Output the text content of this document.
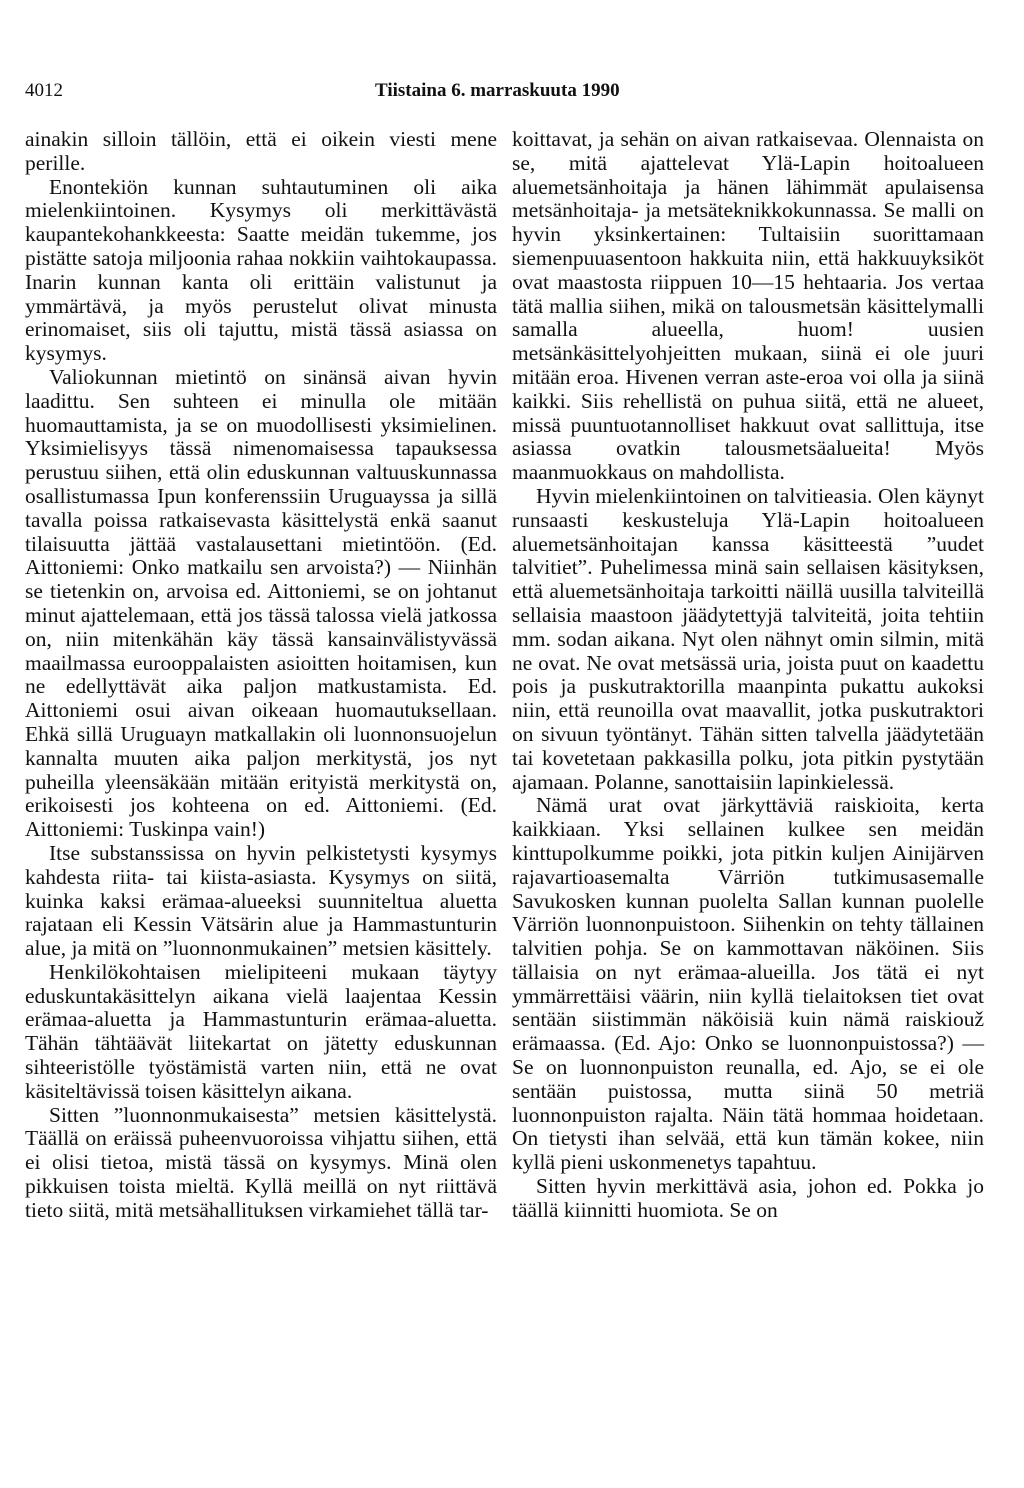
4012	Tiistaina 6. marraskuuta 1990

ainakin silloin tällöin, että ei oikein viesti mene perille.

Enontekiön kunnan suhtautuminen oli aika mielenkiintoinen. Kysymys oli merkittävästä kaupantekohankkeesta: Saatte meidän tukemme, jos pistätte satoja miljoonia rahaa nokkiin vaihtokaupassa. Inarin kunnan kanta oli erittäin valistunut ja ymmärtävä, ja myös perustelut olivat minusta erinomaiset, siis oli tajuttu, mistä tässä asiassa on kysymys.

Valiokunnan mietintö on sinänsä aivan hyvin laadittu. Sen suhteen ei minulla ole mitään huomauttamista, ja se on muodollisesti yksimielinen. Yksimielisyys tässä nimenomaisessa tapauksessa perustuu siihen, että olin eduskunnan valtuuskunnassa osallistumassa Ipun konferenssiin Uruguayssa ja sillä tavalla poissa ratkaisevasta käsittelystä enkä saanut tilaisuutta jättää vastalausettani mietintöön. (Ed. Aittoniemi: Onko matkailu sen arvoista?) — Niinhän se tietenkin on, arvoisa ed. Aittoniemi, se on johtanut minut ajattelemaan, että jos tässä talossa vielä jatkossa on, niin mitenkähän käy tässä kansainvälistyvässä maailmassa eurooppalaisten asioitten hoitamisen, kun ne edellyttävät aika paljon matkustamista. Ed. Aittoniemi osui aivan oikeaan huomautuksellaan. Ehkä sillä Uruguayn matkallakin oli luonnonsuojelun kannalta muuten aika paljon merkitystä, jos nyt puheilla yleensäkään mitään erityistä merkitystä on, erikoisesti jos kohteena on ed. Aittoniemi. (Ed. Aittoniemi: Tuskinpa vain!)

Itse substanssissa on hyvin pelkistetysti kysymys kahdesta riita- tai kiista-asiasta. Kysymys on siitä, kuinka kaksi erämaa-alueeksi suunniteltua aluetta rajataan eli Kessin Vätsärin alue ja Hammastunturin alue, ja mitä on ”luonnonmukainen” metsien käsittely.

Henkilökohtaisen mielipiteeni mukaan täytyy eduskuntakäsittelyn aikana vielä laajentaa Kessin erämaa-aluetta ja Hammastunturin erämaa-aluetta. Tähän tähtäävät liitekartat on jätetty eduskunnan sihteeristölle työstämistä varten niin, että ne ovat käsiteltävissä toisen käsittelyn aikana.

Sitten ”luonnonmukaisesta” metsien käsittelystä. Täällä on eräissä puheenvuoroissa vihjattu siihen, että ei olisi tietoa, mistä tässä on kysymys. Minä olen pikkuisen toista mieltä. Kyllä meillä on nyt riittävä tieto siitä, mitä metsähallituksen virkamiehet tällä tar-

koittavat, ja sehän on aivan ratkaisevaa. Olennaista on se, mitä ajattelevat Ylä-Lapin hoitoalueen aluemetsänhoitaja ja hänen lähimmät apulaisensa metsänhoitaja- ja metsäteknikkokunnassa. Se malli on hyvin yksinkertainen: Tultaisiin suorittamaan siemenpuuasentoon hakkuita niin, että hakkuuyksiköt ovat maastosta riippuen 10—15 hehtaaria. Jos vertaa tätä mallia siihen, mikä on talousmetsän käsittelymalli samalla alueella, huom! uusien metsänkäsittelyohjeitten mukaan, siinä ei ole juuri mitään eroa. Hivenen verran aste-eroa voi olla ja siinä kaikki. Siis rehellistä on puhua siitä, että ne alueet, missä puuntuotannolliset hakkuut ovat sallittuja, itse asiassa ovatkin talousmetsäalueita! Myös maanmuokkaus on mahdollista.

Hyvin mielenkiintoinen on talvitieasia. Olen käynyt runsaasti keskusteluja Ylä-Lapin hoitoalueen aluemetsänhoitajan kanssa käsitteestä ”uudet talvitiet”. Puhelimessa minä sain sellaisen käsityksen, että aluemetsänhoitaja tarkoitti näillä uusilla talviteillä sellaisia maastoon jäädytettyjä talviteitä, joita tehtiin mm. sodan aikana. Nyt olen nähnyt omin silmin, mitä ne ovat. Ne ovat metsässä uria, joista puut on kaadettu pois ja puskutraktorilla maanpinta pukattu aukoksi niin, että reunoilla ovat maavallit, jotka puskutraktori on sivuun työntänyt. Tähän sitten talvella jäädytetään tai kovetetaan pakkasilla polku, jota pitkin pystytään ajamaan. Polanne, sanottaisiin lapinkielessä.

Nämä urat ovat järkyttäviä raiskioita, kerta kaikkiaan. Yksi sellainen kulkee sen meidän kinttupolkumme poikki, jota pitkin kuljen Ainijärven rajavartioasemalta Värriön tutkimusasemalle Savukosken kunnan puolelta Sallan kunnan puolelle Värriön luonnonpuistoon. Siihenkin on tehty tällainen talvitien pohja. Se on kammottavan näköinen. Siis tällaisia on nyt erämaa-alueilla. Jos tätä ei nyt ymmärrettäisi väärin, niin kyllä tielaitoksen tiet ovat sentään siistimmän näköisiä kuin nämä raiskiouž erämaassa. (Ed. Ajo: Onko se luonnonpuistossa?) — Se on luonnonpuiston reunalla, ed. Ajo, se ei ole sentään puistossa, mutta siinä 50 metriä luonnonpuiston rajalta. Näin tätä hommaa hoidetaan. On tietysti ihan selvää, että kun tämän kokee, niin kyllä pieni uskonmenetys tapahtuu.

Sitten hyvin merkittävä asia, johon ed. Pokka jo täällä kiinnitti huomiota. Se on
